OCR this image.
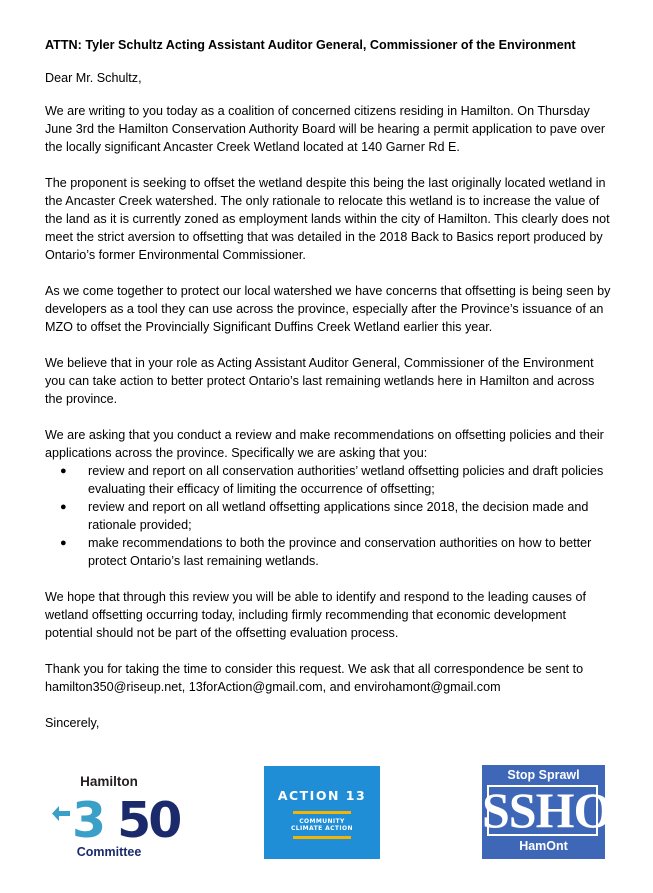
ATTN: Tyler Schultz Acting Assistant Auditor General, Commissioner of the Environment
Dear Mr. Schultz,
We are writing to you today as a coalition of concerned citizens residing in Hamilton. On Thursday June 3rd the Hamilton Conservation Authority Board will be hearing a permit application to pave over the locally significant Ancaster Creek Wetland located at 140 Garner Rd E.
The proponent is seeking to offset the wetland despite this being the last originally located wetland in the Ancaster Creek watershed. The only rationale to relocate this wetland is to increase the value of the land as it is currently zoned as employment lands within the city of Hamilton. This clearly does not meet the strict aversion to offsetting that was detailed in the 2018 Back to Basics report produced by Ontario’s former Environmental Commissioner.
As we come together to protect our local watershed we have concerns that offsetting is being seen by developers as a tool they can use across the province, especially after the Province’s issuance of an MZO to offset the Provincially Significant Duffins Creek Wetland earlier this year.
We believe that in your role as Acting Assistant Auditor General, Commissioner of the Environment you can take action to better protect Ontario’s last remaining wetlands here in Hamilton and across the province.
We are asking that you conduct a review and make recommendations on offsetting policies and their applications across the province. Specifically we are asking that you:
● review and report on all conservation authorities’ wetland offsetting policies and draft policies evaluating their efficacy of limiting the occurrence of offsetting;
● review and report on all wetland offsetting applications since 2018, the decision made and rationale provided;
● make recommendations to both the province and conservation authorities on how to better protect Ontario’s last remaining wetlands.
We hope that through this review you will be able to identify and respond to the leading causes of wetland offsetting occurring today, including firmly recommending that economic development potential should not be part of the offsetting evaluation process.
Thank you for taking the time to consider this request. We ask that all correspondence be sent to hamilton350@riseup.net, 13forAction@gmail.com, and envirohamont@gmail.com
Sincerely,
Hamilton
3 50
Committee
ACTION 13
COMMUNITY
CLIMATE ACTION
Stop Sprawl
SSHO
HamOnt
